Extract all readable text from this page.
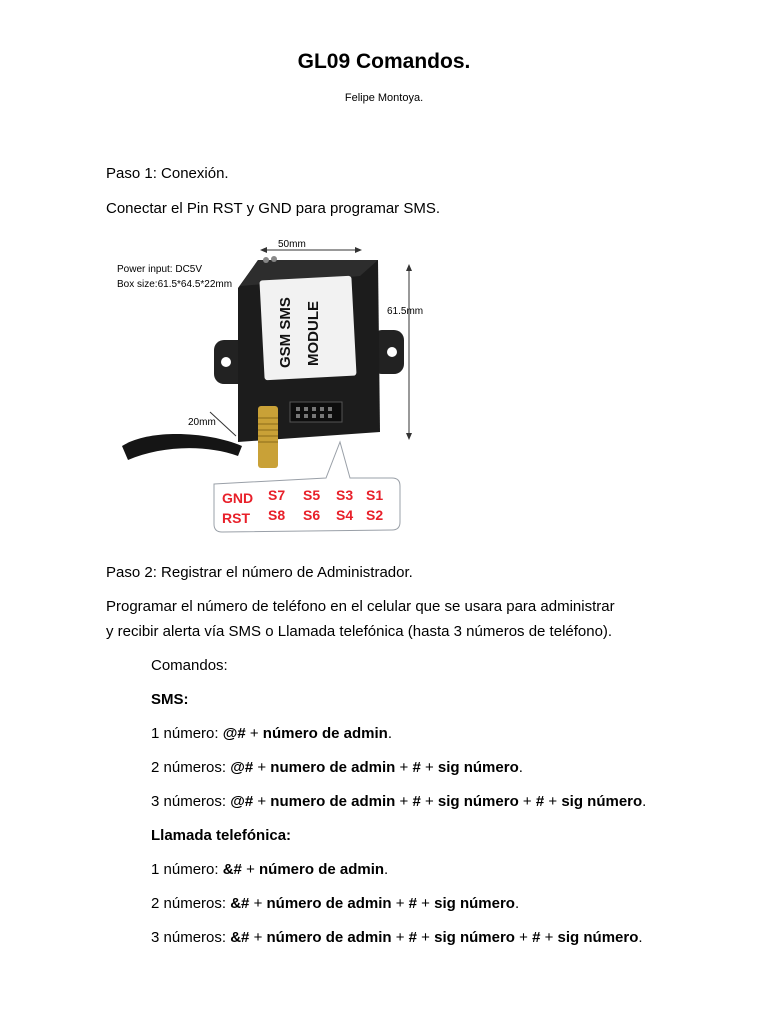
GL09 Comandos.
Felipe Montoya.
Paso 1: Conexión.
Conectar el Pin RST y GND para programar SMS.
50mm
61.5mm
Power input: DC5V
Box size:61.5*64.5*22mm
GSM SMS MODULE
20mm
GND S7 S5 S3 S1
RST S8 S6 S4 S2
Paso 2: Registrar el número de Administrador.
Programar el número de teléfono en el celular que se usara para administrar
y recibir alerta vía SMS o Llamada telefónica (hasta 3 números de teléfono).
Comandos:
SMS:
1 número: @# + número de admin.
2 números: @# + numero de admin + # + sig número.
3 números: @# + numero de admin + # + sig número + # + sig número.
Llamada telefónica:
1 número: &# + número de admin.
2 números: &# + número de admin + # + sig número.
3 números: &# + número de admin + # + sig número + # + sig número.
